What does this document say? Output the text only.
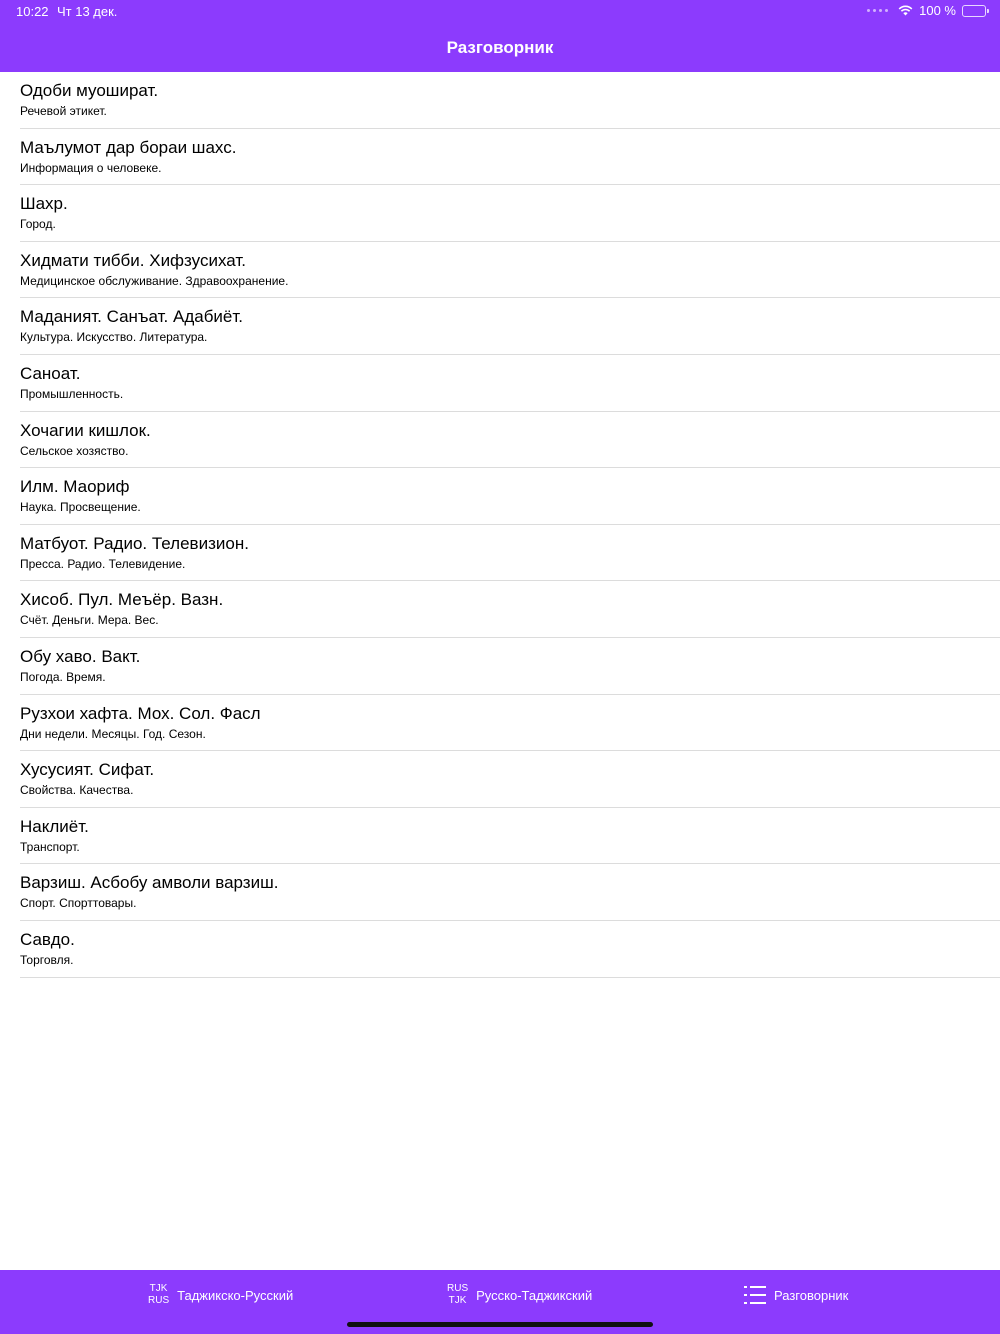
10:22 Чт 13 дек.	100 %
Разговорник
Одоби муошират.
Речевой этикет.
Маълумот дар бораи шахс.
Информация о человеке.
Шахр.
Город.
Хидмати тибби. Хифзусихат.
Медицинское обслуживание. Здравоохранение.
Маданият. Санъат. Адабиёт.
Культура. Искусство. Литература.
Саноат.
Промышленность.
Хочагии кишлок.
Сельское хозяство.
Илм. Маориф
Наука. Просвещение.
Матбуот. Радио. Телевизион.
Пресса. Радио. Телевидение.
Хисоб. Пул. Меъёр. Вазн.
Счёт. Деньги. Мера. Вес.
Обу хаво. Вакт.
Погода. Время.
Рузхои хафта. Мох. Сол. Фасл
Дни недели. Месяцы. Год. Сезон.
Хусусият. Сифат.
Свойства. Качества.
Наклиёт.
Транспорт.
Варзиш. Асбобу амволи варзиш.
Спорт. Спорттовары.
Савдо.
Торговля.
TJK
RUS Таджикско-Русский	RUS
TJK Русско-Таджикский	Разговорник
